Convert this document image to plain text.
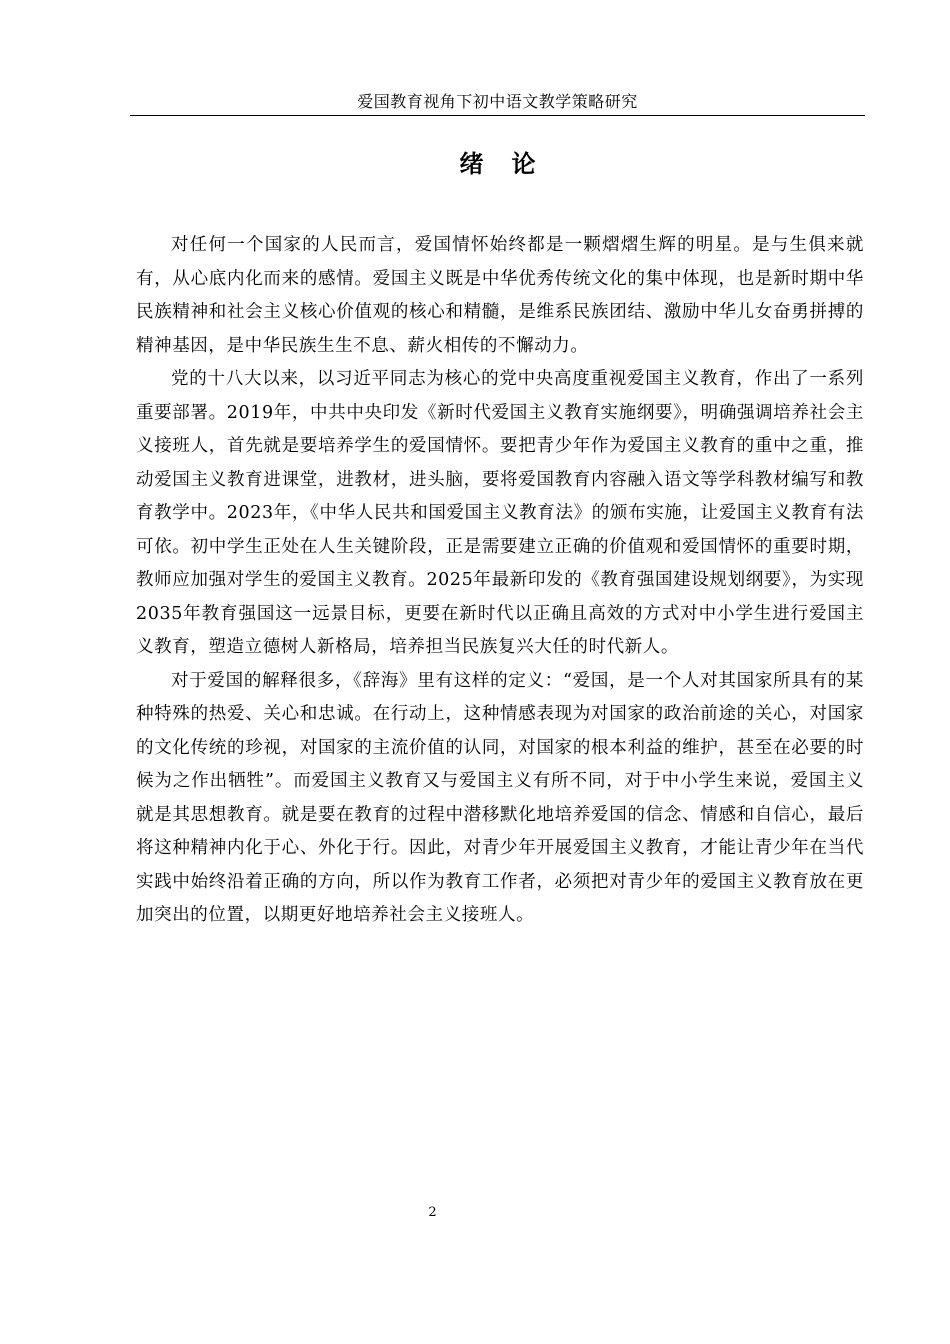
爱国教育视角下初中语文教学策略研究
绪论

对任何一个国家的人民而言，爱国情怀始终都是一颗熠熠生辉的明星。是与生俱来就有，从心底内化而来的感情。爱国主义既是中华优秀传统文化的集中体现，也是新时期中华民族精神和社会主义核心价值观的核心和精髓，是维系民族团结、激励中华儿女奋勇拼搏的精神基因，是中华民族生生不息、薪火相传的不懈动力。

党的十八大以来，以习近平同志为核心的党中央高度重视爱国主义教育，作出了一系列重要部署。2019年，中共中央印发《新时代爱国主义教育实施纲要》，明确强调培养社会主义接班人，首先就是要培养学生的爱国情怀。要把青少年作为爱国主义教育的重中之重，推动爱国主义教育进课堂，进教材，进头脑，要将爱国教育内容融入语文等学科教材编写和教育教学中。2023年，《中华人民共和国爱国主义教育法》的颁布实施，让爱国主义教育有法可依。初中学生正处在人生关键阶段，正是需要建立正确的价值观和爱国情怀的重要时期，教师应加强对学生的爱国主义教育。2025年最新印发的《教育强国建设规划纲要》，为实现2035年教育强国这一远景目标，更要在新时代以正确且高效的方式对中小学生进行爱国主义教育，塑造立德树人新格局，培养担当民族复兴大任的时代新人。

对于爱国的解释很多，《辞海》里有这样的定义：“爱国，是一个人对其国家所具有的某种特殊的热爱、关心和忠诚。在行动上，这种情感表现为对国家的政治前途的关心，对国家的文化传统的珍视，对国家的主流价值的认同，对国家的根本利益的维护，甚至在必要的时候为之作出牺牲”。而爱国主义教育又与爱国主义有所不同，对于中小学生来说，爱国主义就是其思想教育。就是要在教育的过程中潜移默化地培养爱国的信念、情感和自信心，最后将这种精神内化于心、外化于行。因此，对青少年开展爱国主义教育，才能让青少年在当代实践中始终沿着正确的方向，所以作为教育工作者，必须把对青少年的爱国主义教育放在更加突出的位置，以期更好地培养社会主义接班人。

2
